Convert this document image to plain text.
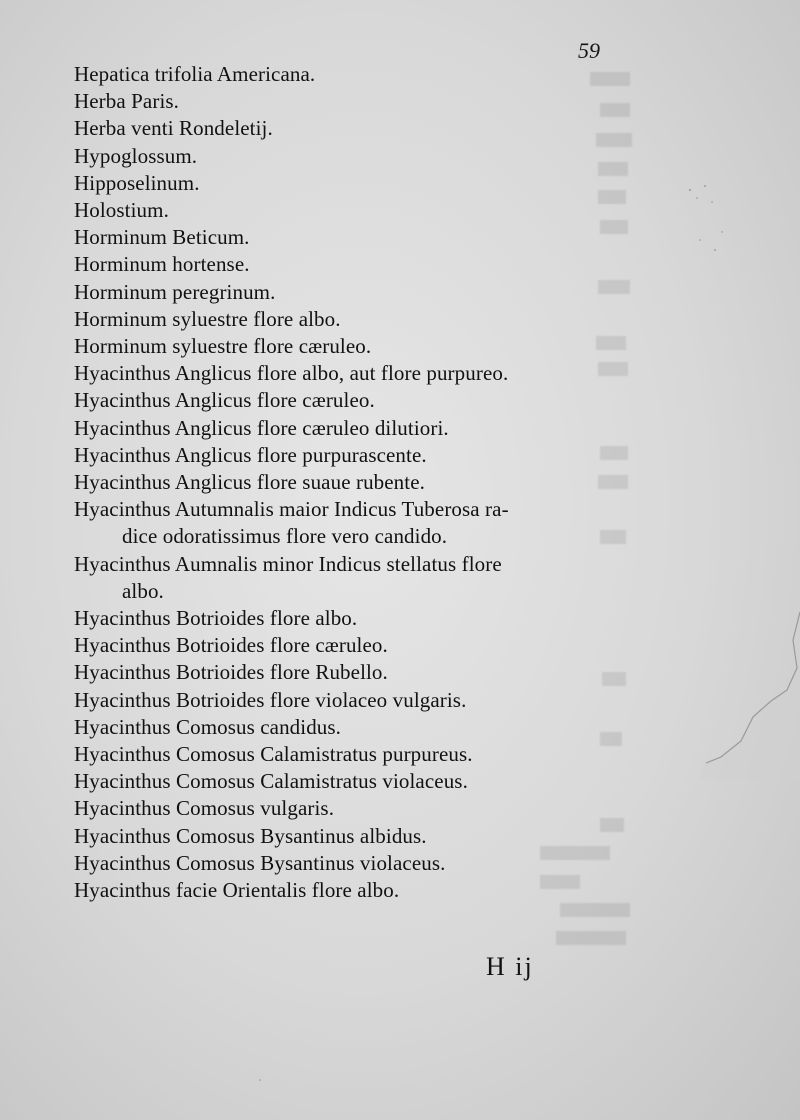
59
Hepatica trifolia Americana.
Herba Paris.
Herba venti Rondeletij.
Hypoglossum.
Hipposelinum.
Holostium.
Horminum Beticum.
Horminum hortense.
Horminum peregrinum.
Horminum syluestre flore albo.
Horminum syluestre flore cæruleo.
Hyacinthus Anglicus flore albo, aut flore purpureo.
Hyacinthus Anglicus flore cæruleo.
Hyacinthus Anglicus flore cæruleo dilutiori.
Hyacinthus Anglicus flore purpurascente.
Hyacinthus Anglicus flore suaue rubente.
Hyacinthus Autumnalis maior Indicus Tuberosa ra-
dice odoratissimus flore vero candido.
Hyacinthus Aumnalis minor Indicus stellatus flore
albo.
Hyacinthus Botrioides flore albo.
Hyacinthus Botrioides flore cæruleo.
Hyacinthus Botrioides flore Rubello.
Hyacinthus Botrioides flore violaceo vulgaris.
Hyacinthus Comosus candidus.
Hyacinthus Comosus Calamistratus purpureus.
Hyacinthus Comosus Calamistratus violaceus.
Hyacinthus Comosus vulgaris.
Hyacinthus Comosus Bysantinus albidus.
Hyacinthus Comosus Bysantinus violaceus.
Hyacinthus facie Orientalis flore albo.
H ij
